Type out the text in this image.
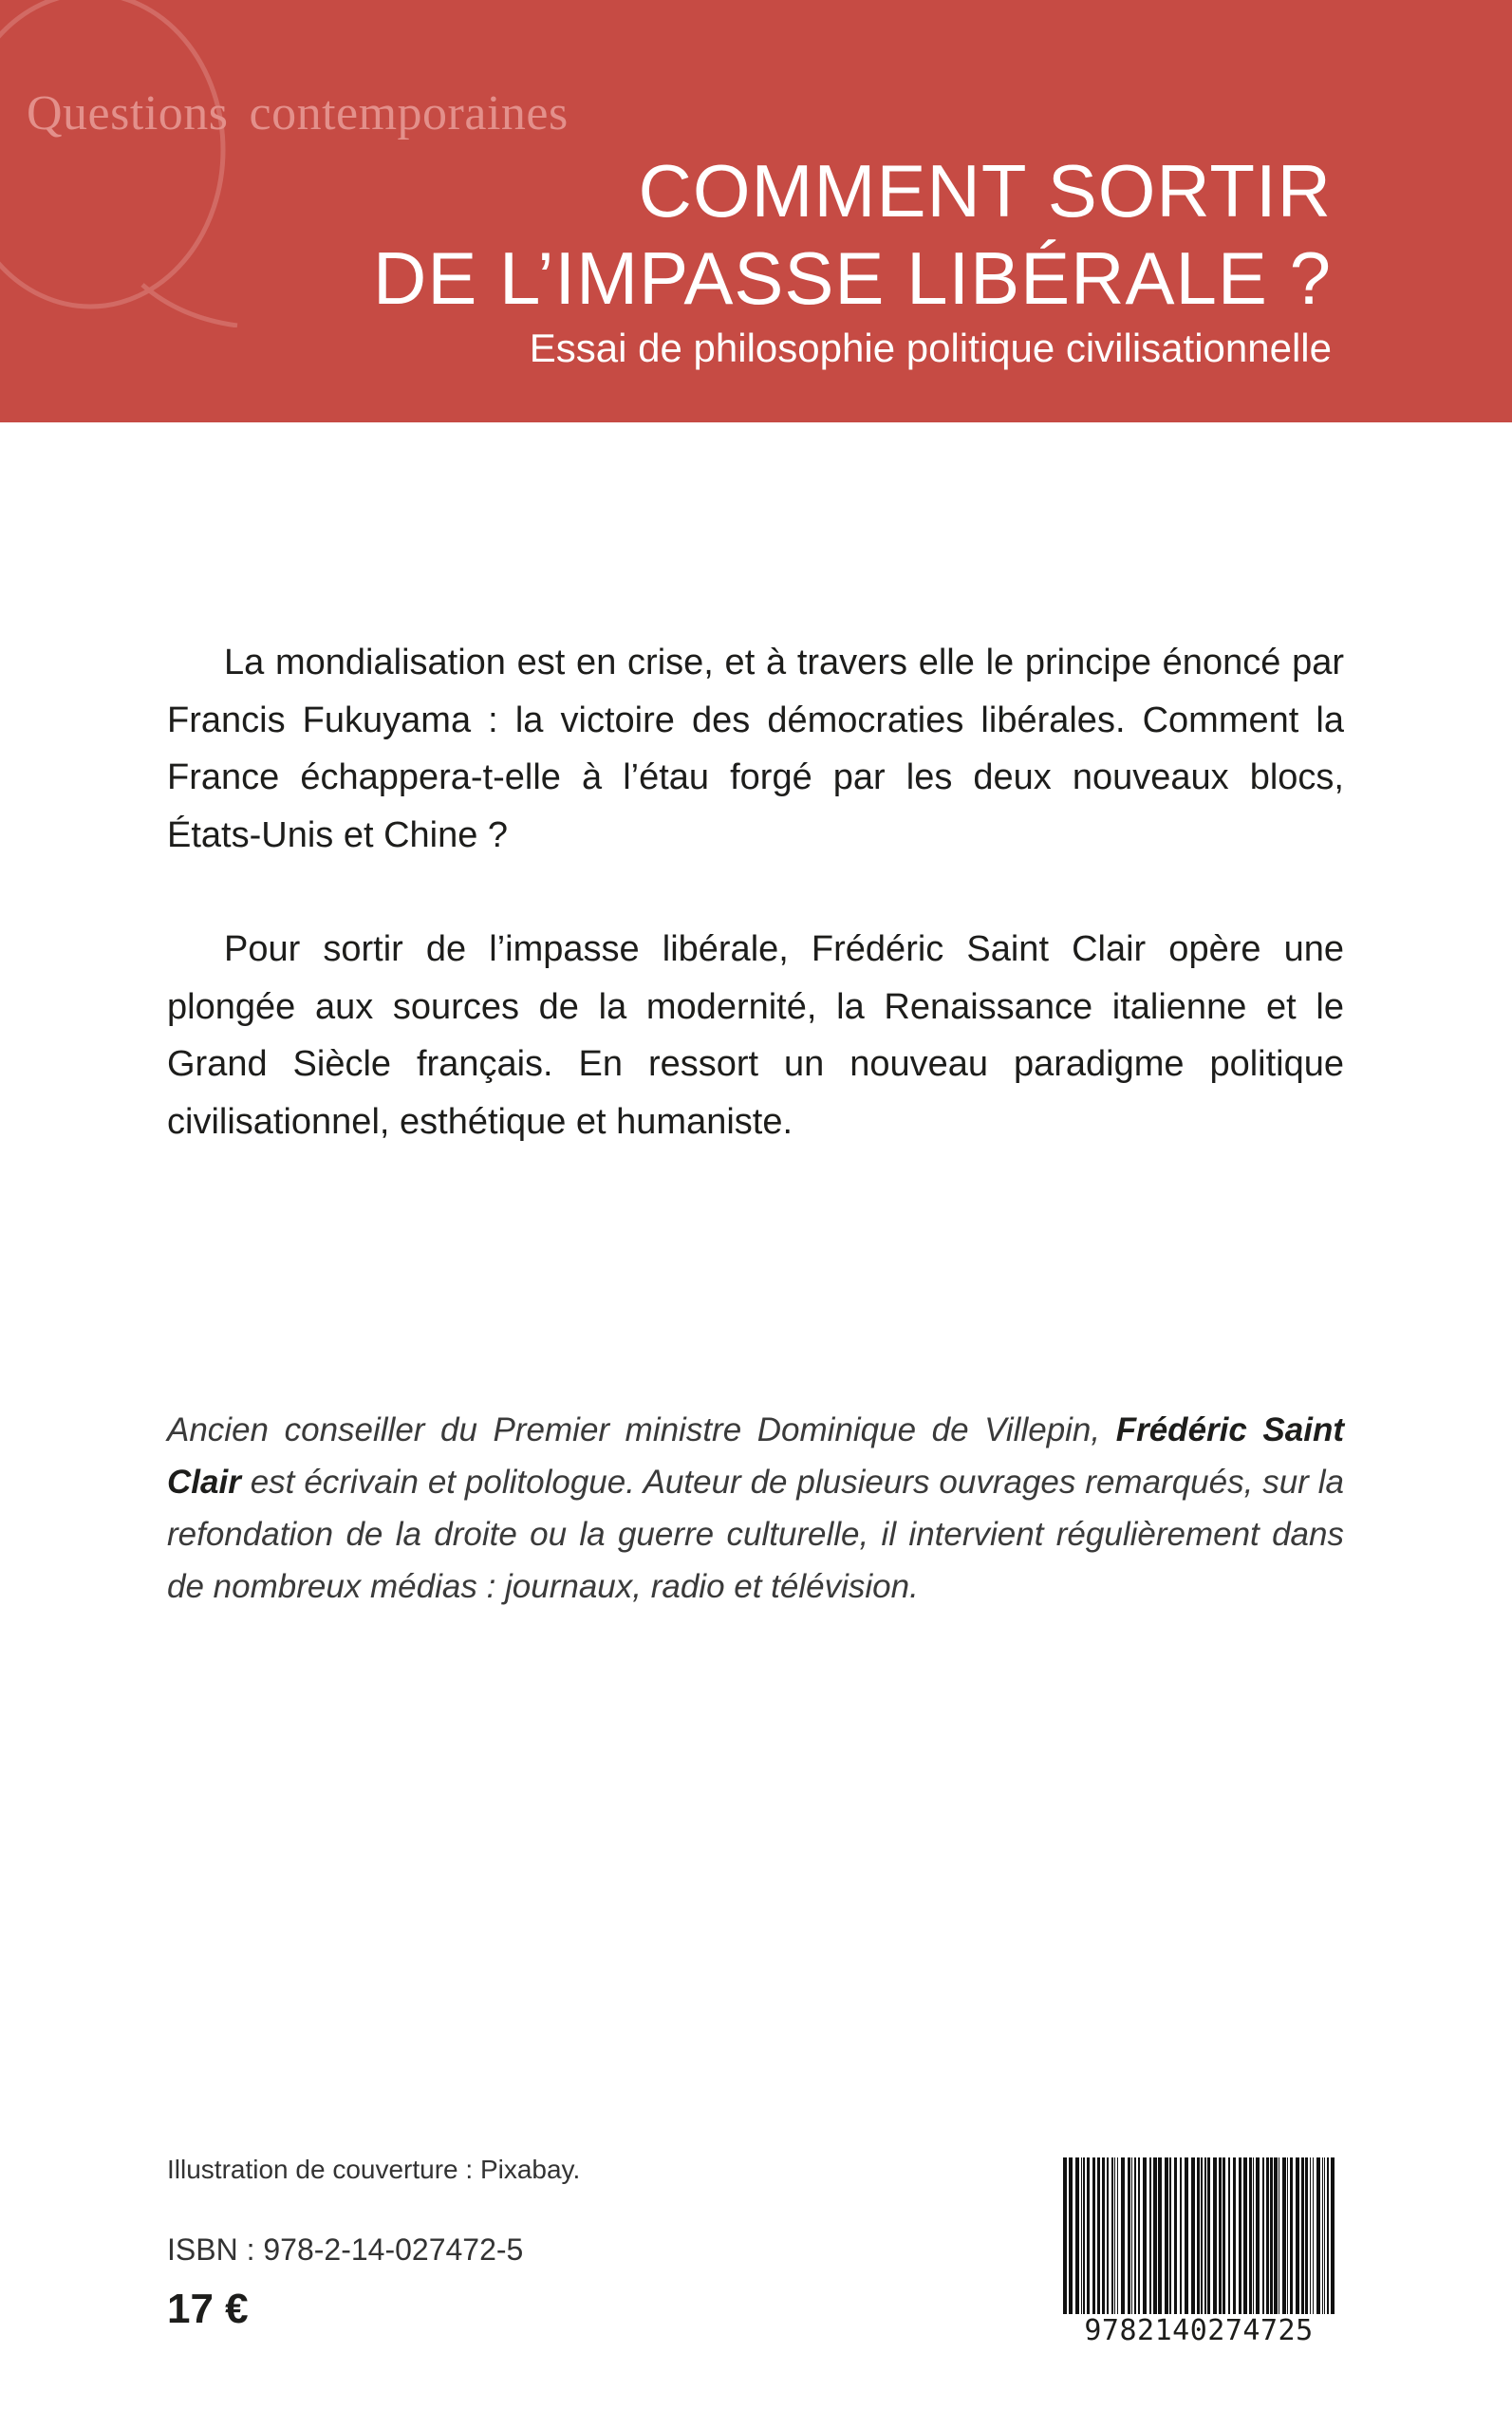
Questions contemporaines
COMMENT SORTIR
DE L’IMPASSE LIBÉRALE ?
Essai de philosophie politique civilisationnelle

La mondialisation est en crise, et à travers elle le principe énoncé par Francis Fukuyama : la victoire des démocraties libérales. Comment la France échappera-t-elle à l’étau forgé par les deux nouveaux blocs, États-Unis et Chine ?

Pour sortir de l’impasse libérale, Frédéric Saint Clair opère une plongée aux sources de la modernité, la Renaissance italienne et le Grand Siècle français. En ressort un nouveau paradigme politique civilisationnel, esthétique et humaniste.

Ancien conseiller du Premier ministre Dominique de Villepin, Frédéric Saint Clair est écrivain et politologue. Auteur de plusieurs ouvrages remarqués, sur la refondation de la droite ou la guerre culturelle, il intervient régulièrement dans de nombreux médias : journaux, radio et télévision.
Illustration de couverture : Pixabay.
ISBN : 978-2-14-027472-5
17 €	9782140274725
